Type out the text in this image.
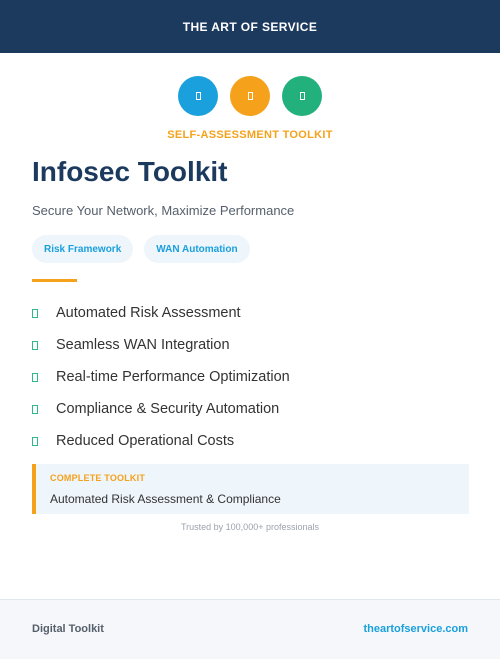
THE ART OF SERVICE
SELF-ASSESSMENT TOOLKIT
Infosec Toolkit
Secure Your Network, Maximize Performance
Risk Framework	WAN Automation
Automated Risk Assessment
Seamless WAN Integration
Real-time Performance Optimization
Compliance & Security Automation
Reduced Operational Costs
COMPLETE TOOLKIT
Automated Risk Assessment & Compliance
Trusted by 100,000+ professionals
Digital Toolkit	theartofservice.com
